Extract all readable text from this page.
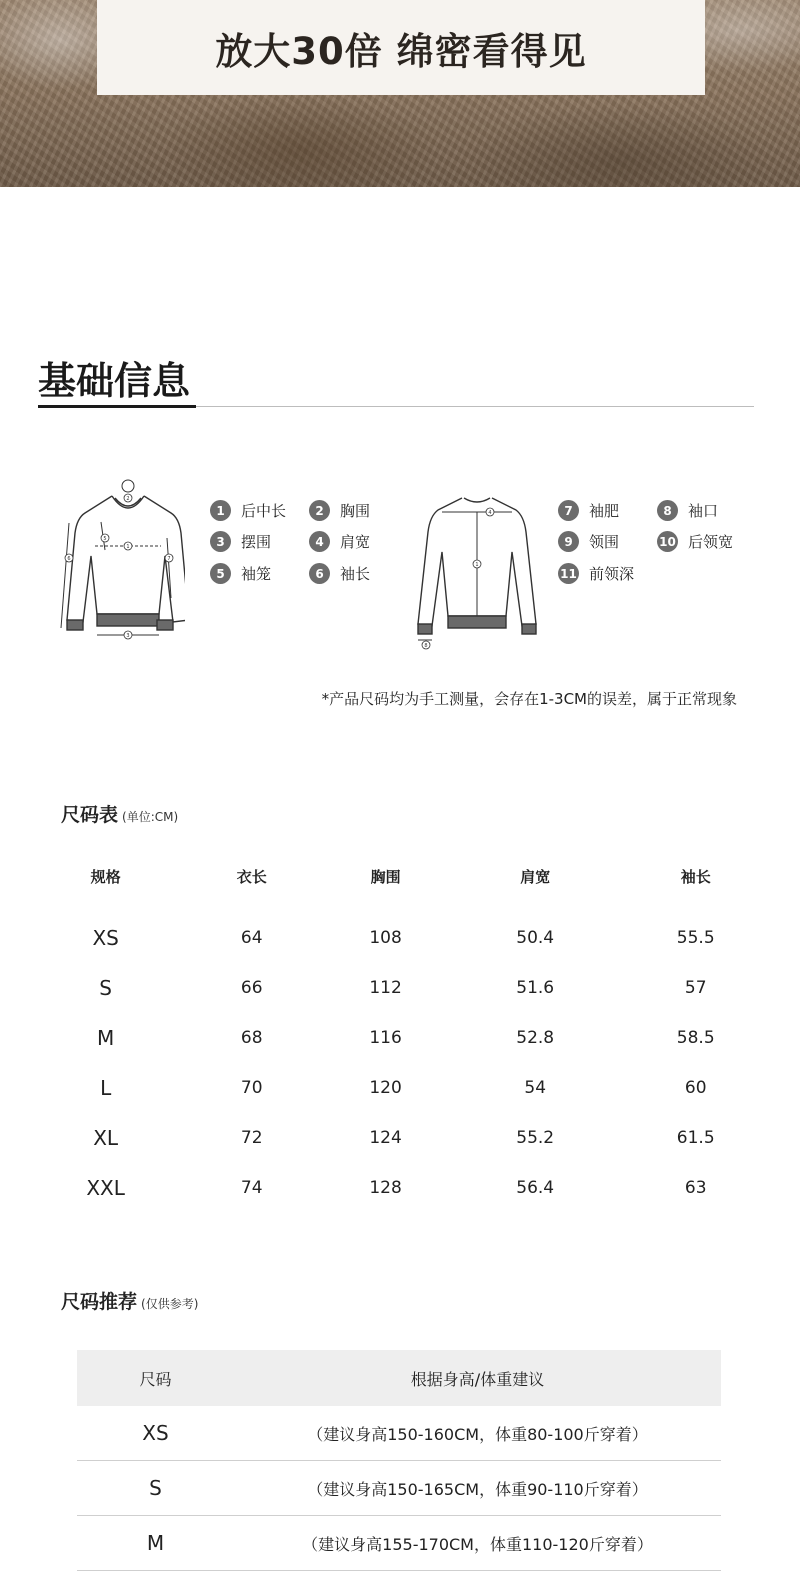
放大30倍 绵密看得见
基础信息
1
3
5
6	7
2
1	后中长	2	胸围
3	摆围	4	肩宽
5	袖笼	6	袖长
4
1
8
7	袖肥	8	袖口
9	领围	10 后领宽
11 前领深
*产品尺码均为手工测量，会存在1-3CM的误差，属于正常现象
尺码表 (单位:CM)
规格	衣长	胸围	肩宽	袖长
XS	64	108	50.4	55.5
S	66	112	51.6	57
M	68	116	52.8	58.5
L	70	120	54	60
XL	72	124	55.2	61.5
XXL	74	128	56.4	63
尺码推荐 (仅供参考)
尺码	根据身高/体重建议
XS	（建议身高150-160CM，体重80-100斤穿着）
S	（建议身高150-165CM，体重90-110斤穿着）
M	（建议身高155-170CM，体重110-120斤穿着）
